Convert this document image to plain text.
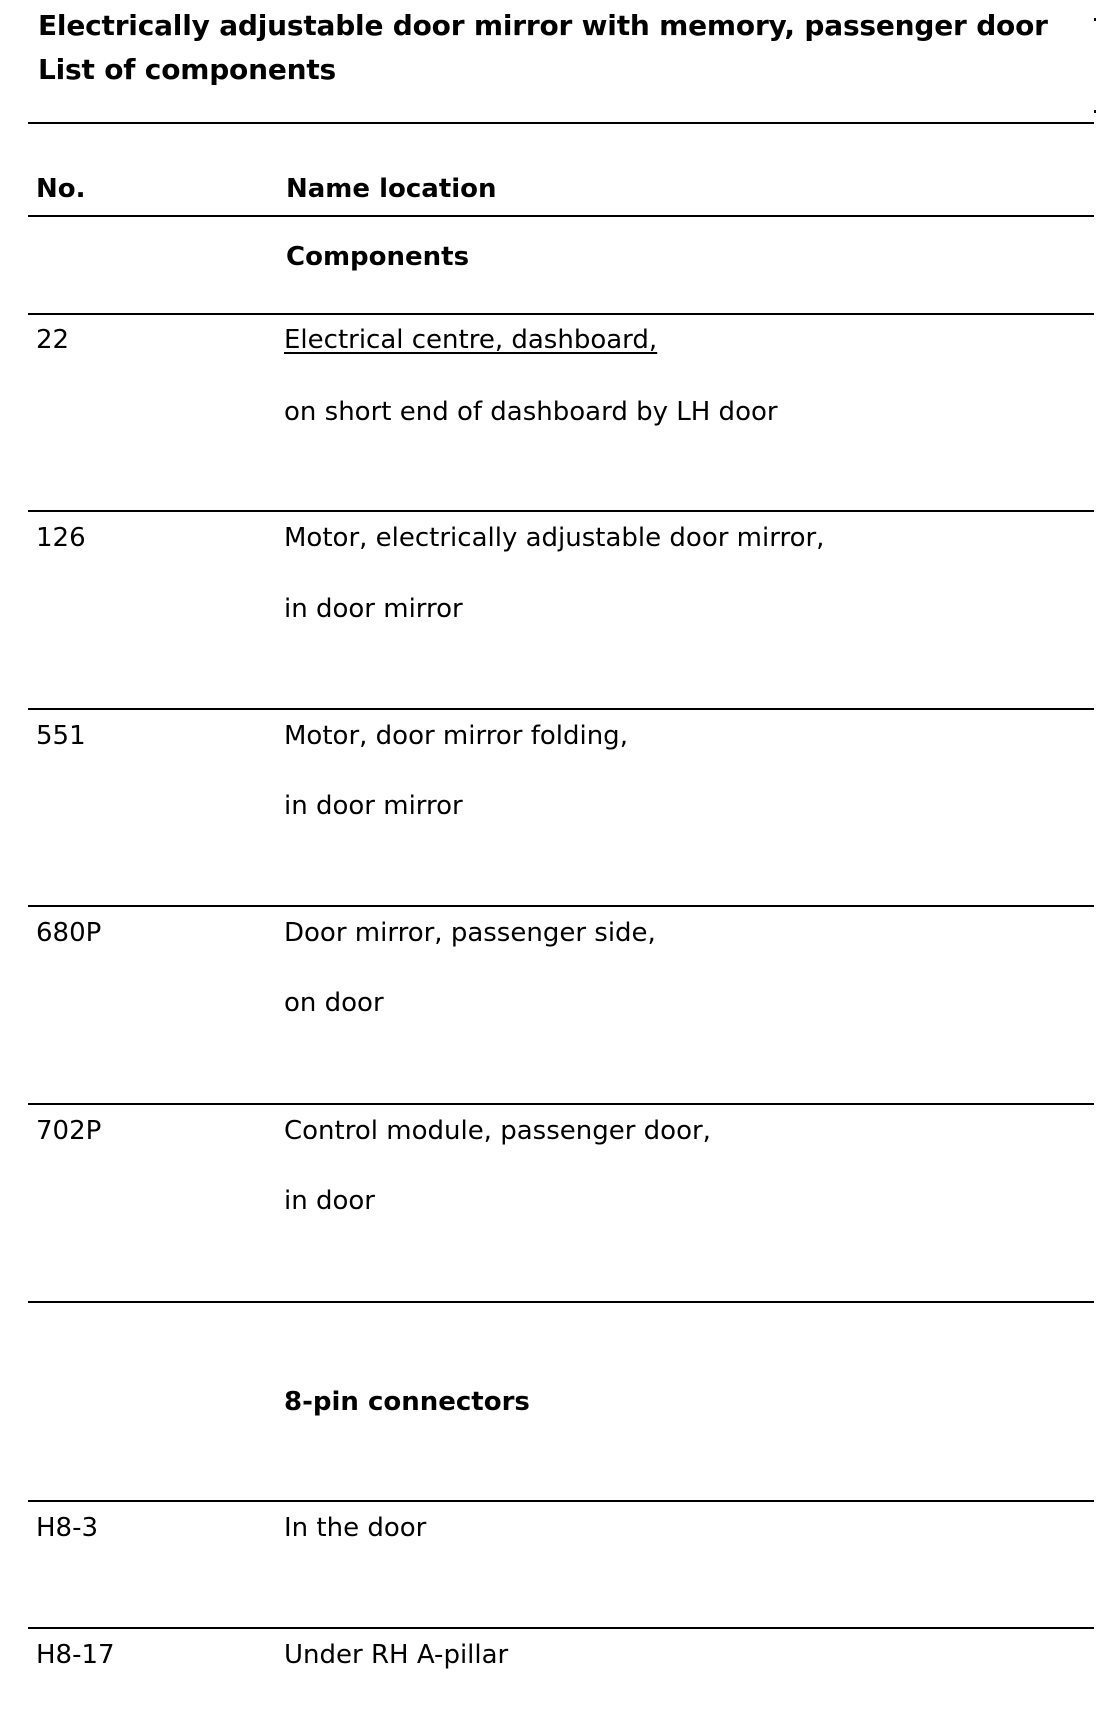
Electrically adjustable door mirror with memory, passenger door
List of components
No.	Name location
Components
22	Electrical centre, dashboard,
on short end of dashboard by LH door
126	Motor, electrically adjustable door mirror,
in door mirror
551	Motor, door mirror folding,
in door mirror
680P	Door mirror, passenger side,
on door
702P	Control module, passenger door,
in door
8-pin connectors
H8-3	In the door
H8-17	Under RH A-pillar
